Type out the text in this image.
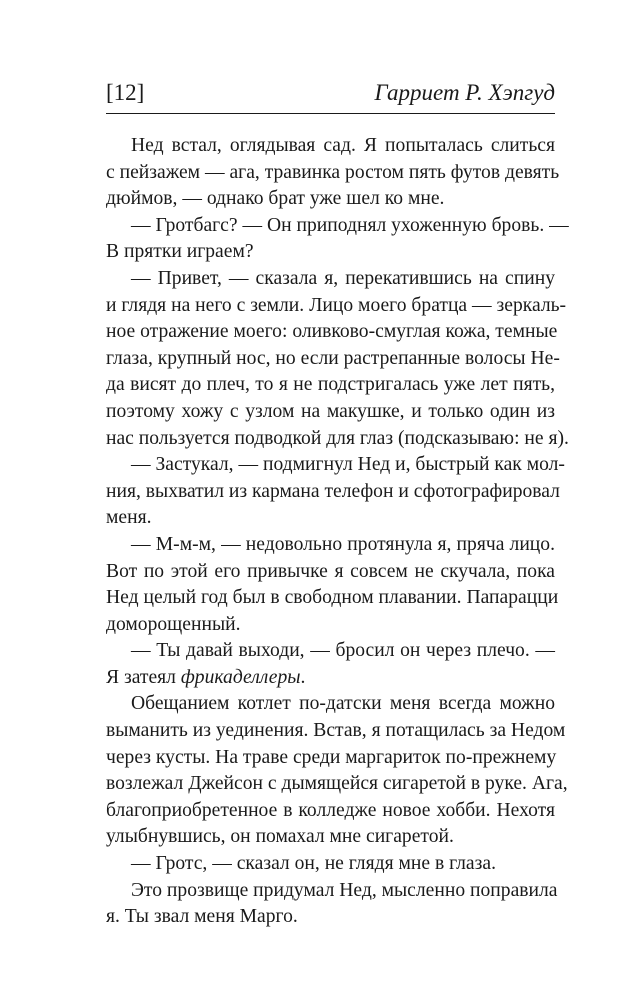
[12]	Гарриет Р. Хэпгуд
Нед встал, оглядывая сад. Я попыталась слиться
с пейзажем — ага, травинка ростом пять футов девять
дюймов, — однако брат уже шел ко мне.
— Гротбагс? — Он приподнял ухоженную бровь. —
В прятки играем?
— Привет, — сказала я, перекатившись на спину
и глядя на него с земли. Лицо моего братца — зеркаль-
ное отражение моего: оливково-смуглая кожа, темные
глаза, крупный нос, но если растрепанные волосы Не-
да висят до плеч, то я не подстригалась уже лет пять,
поэтому хожу с узлом на макушке, и только один из
нас пользуется подводкой для глаз (подсказываю: не я).
— Застукал, — подмигнул Нед и, быстрый как мол-
ния, выхватил из кармана телефон и сфотографировал
меня.
— М-м-м, — недовольно протянула я, пряча лицо.
Вот по этой его привычке я совсем не скучала, пока
Нед целый год был в свободном плавании. Папарацци
доморощенный.
— Ты давай выходи, — бросил он через плечо. —
Я затеял фрикаделлеры.
Обещанием котлет по-датски меня всегда можно
выманить из уединения. Встав, я потащилась за Недом
через кусты. На траве среди маргариток по-прежнему
возлежал Джейсон с дымящейся сигаретой в руке. Ага,
благоприобретенное в колледже новое хобби. Нехотя
улыбнувшись, он помахал мне сигаретой.
— Гротс, — сказал он, не глядя мне в глаза.
Это прозвище придумал Нед, мысленно поправила
я. Ты звал меня Марго.
